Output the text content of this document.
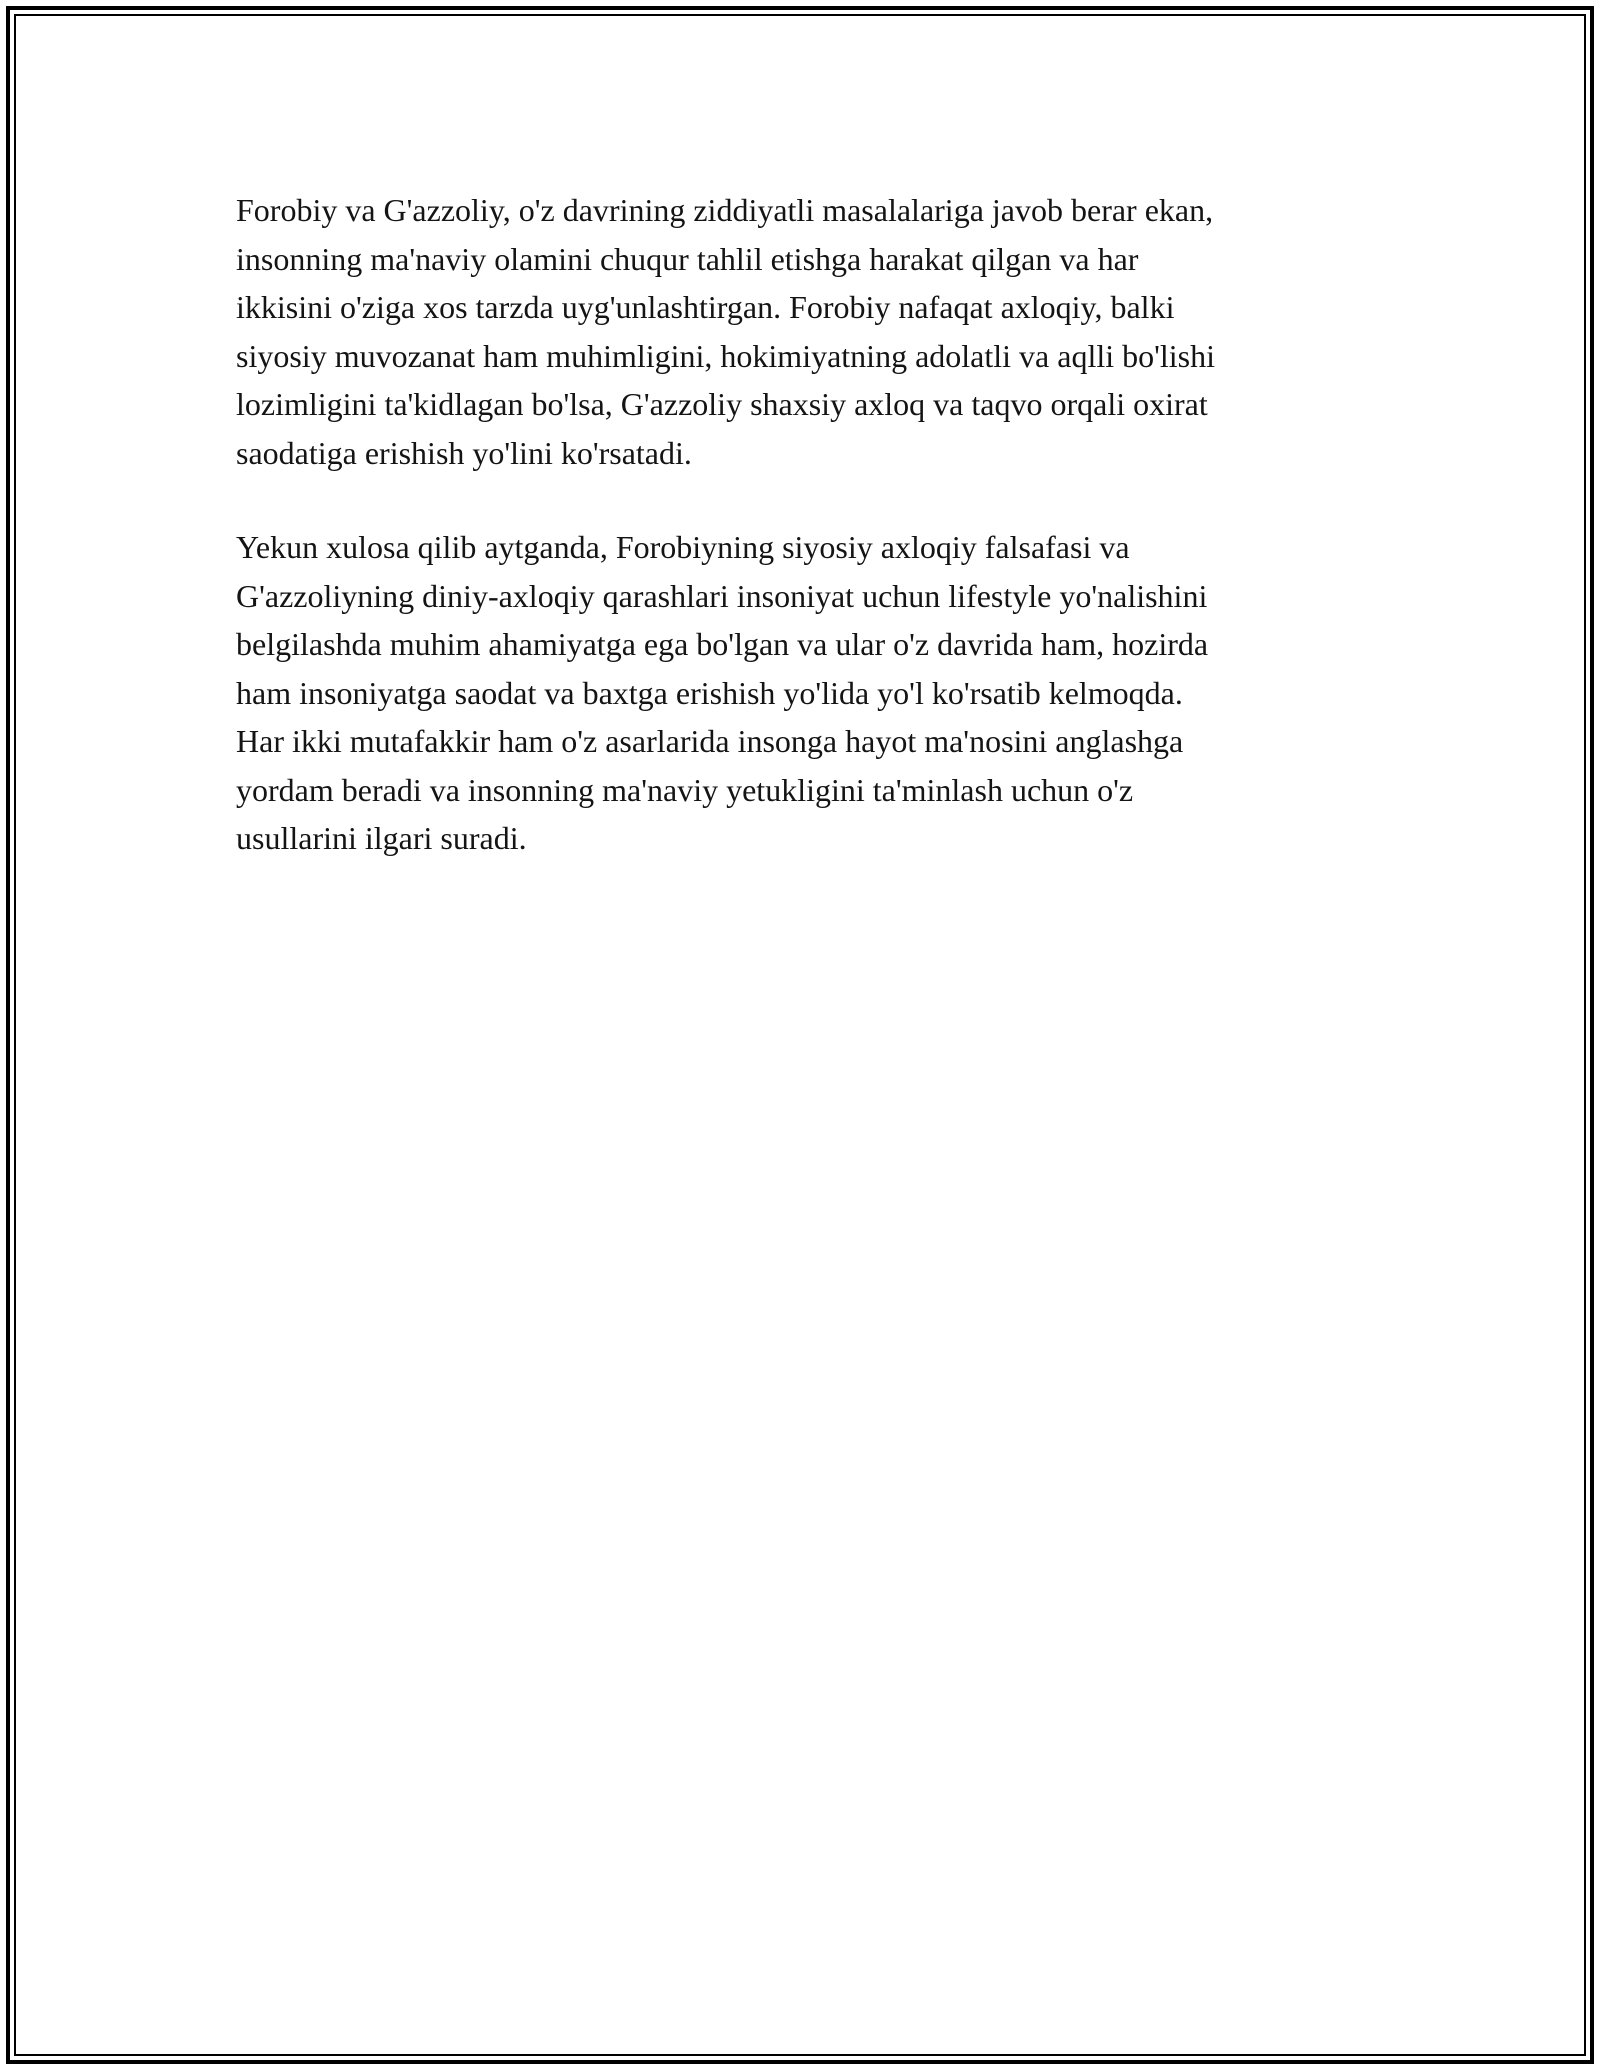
Forobiy va G'azzoliy, o'z davrining ziddiyatli masalalariga javob berar ekan,
insonning ma'naviy olamini chuqur tahlil etishga harakat qilgan va har
ikkisini o'ziga xos tarzda uyg'unlashtirgan. Forobiy nafaqat axloqiy, balki
siyosiy muvozanat ham muhimligini, hokimiyatning adolatli va aqlli bo'lishi
lozimligini ta'kidlagan bo'lsa, G'azzoliy shaxsiy axloq va taqvo orqali oxirat
saodatiga erishish yo'lini ko'rsatadi.
Yekun xulosa qilib aytganda, Forobiyning siyosiy axloqiy falsafasi va
G'azzoliyning diniy-axloqiy qarashlari insoniyat uchun lifestyle yo'nalishini
belgilashda muhim ahamiyatga ega bo'lgan va ular o'z davrida ham, hozirda
ham insoniyatga saodat va baxtga erishish yo'lida yo'l ko'rsatib kelmoqda.
Har ikki mutafakkir ham o'z asarlarida insonga hayot ma'nosini anglashga
yordam beradi va insonning ma'naviy yetukligini ta'minlash uchun o'z
usullarini ilgari suradi.
